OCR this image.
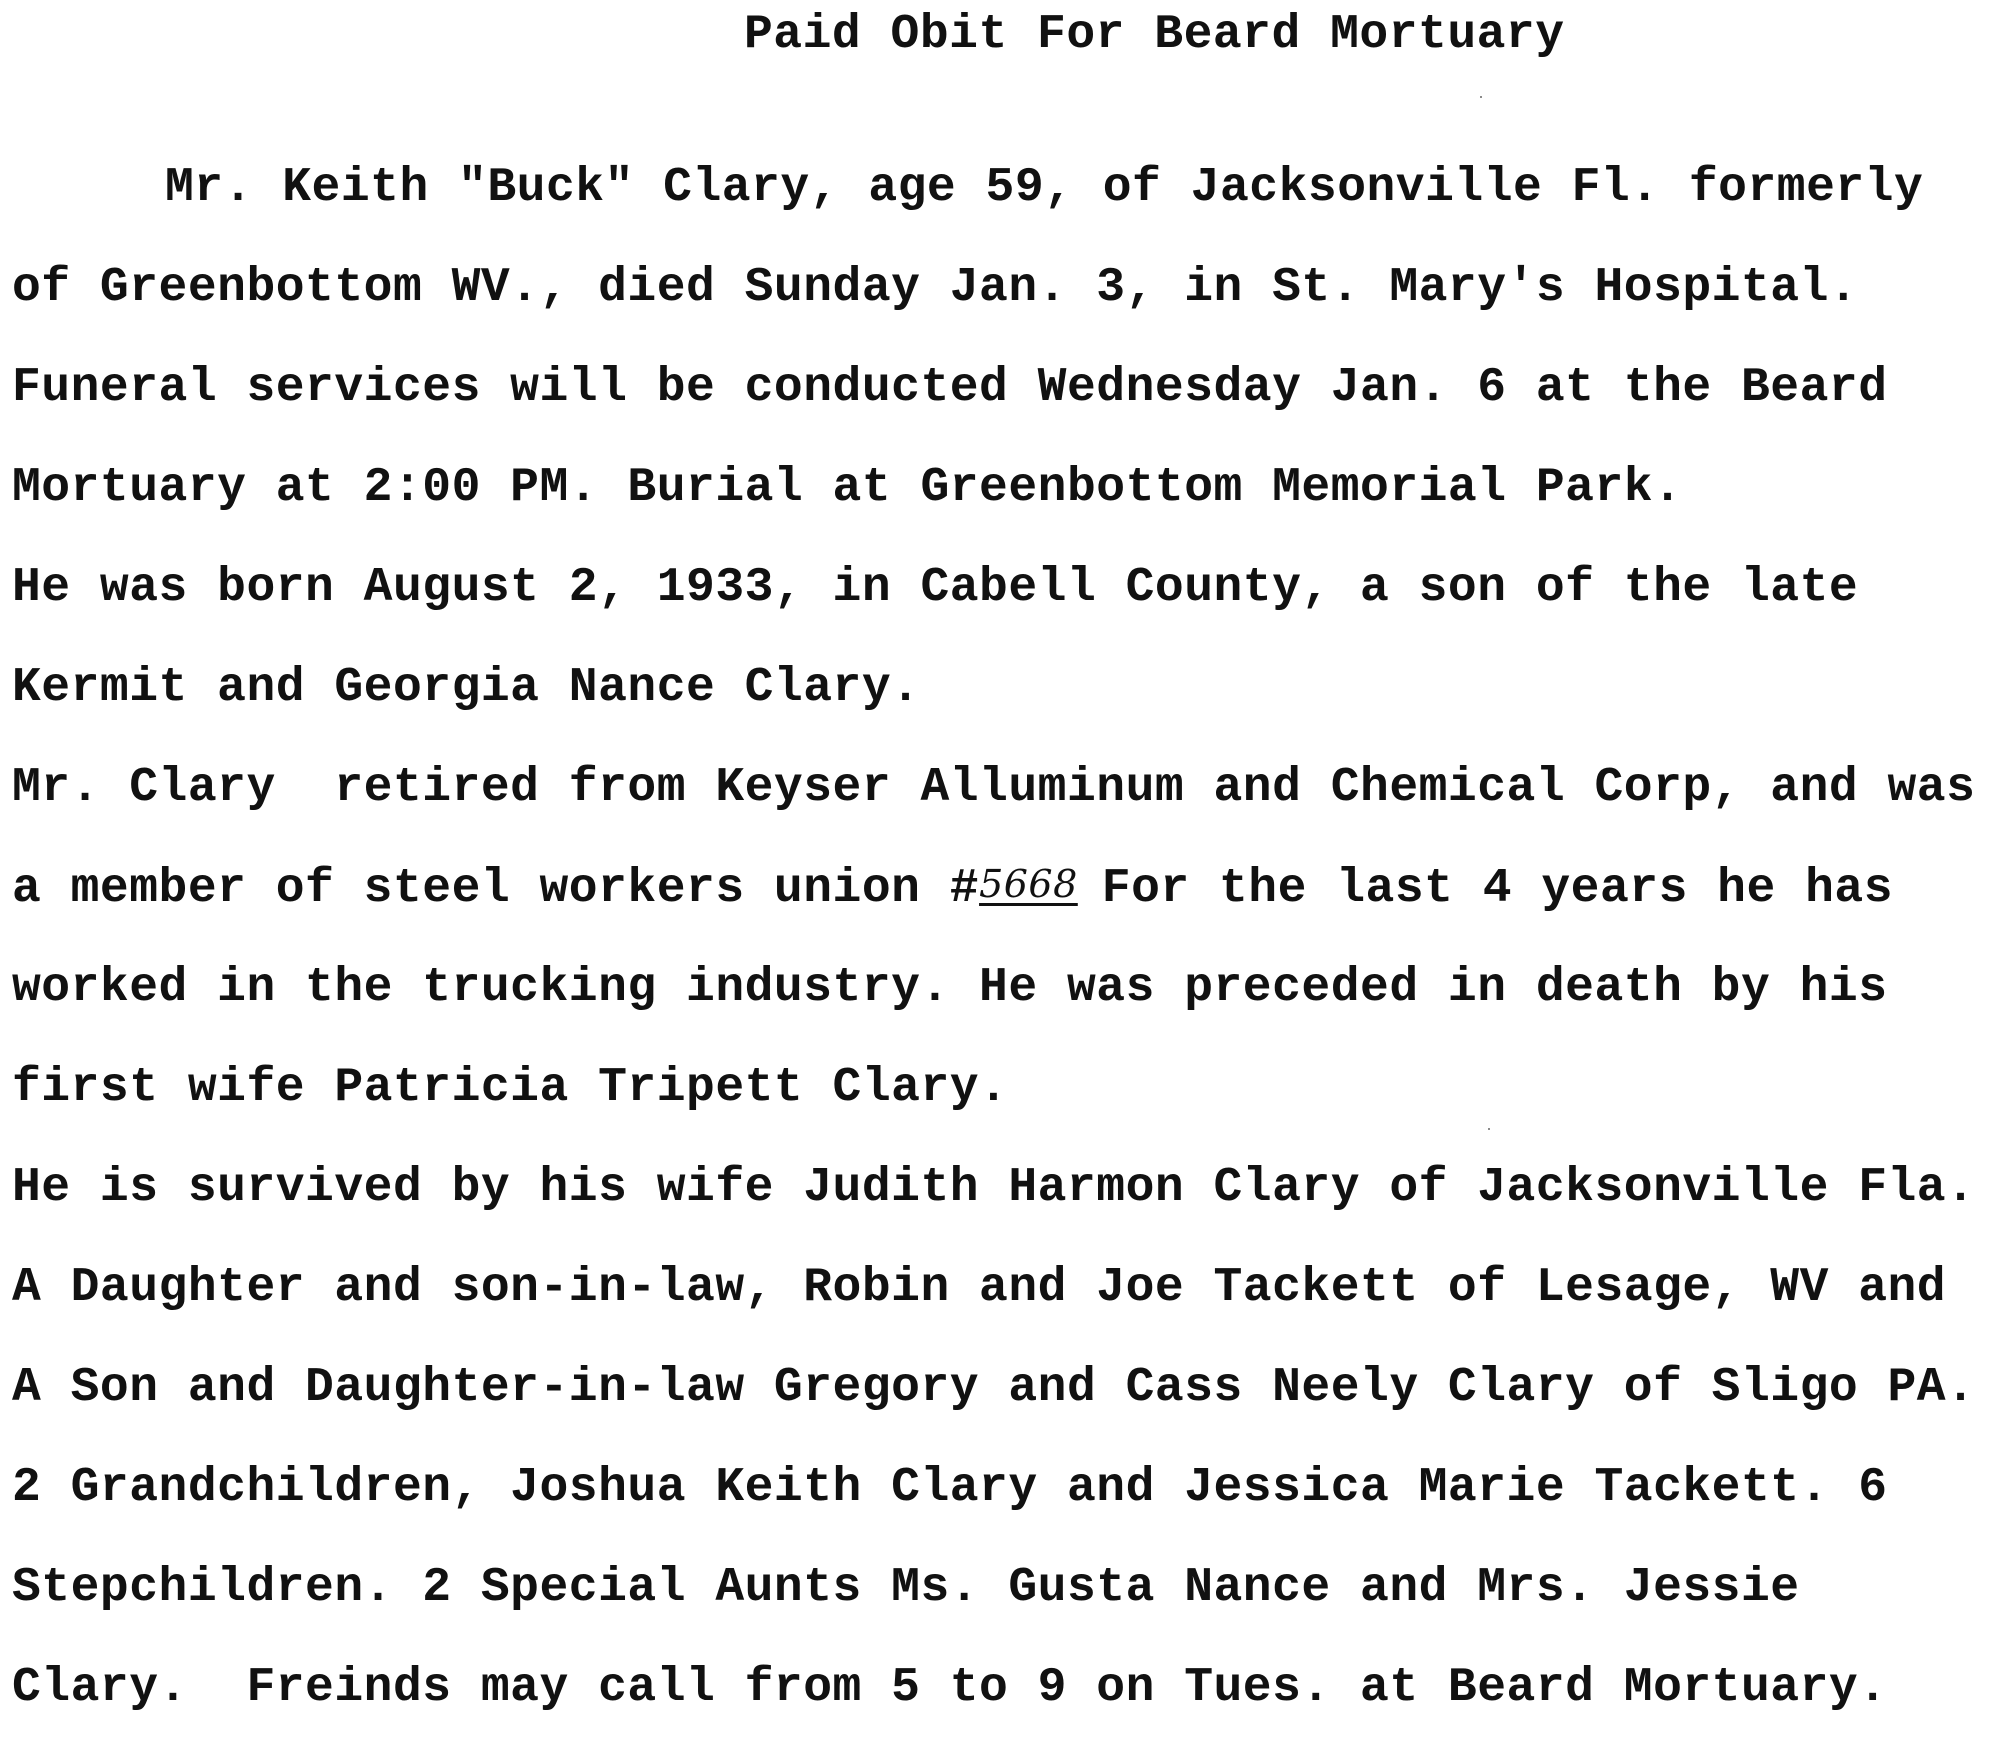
Paid Obit For Beard Mortuary
Mr. Keith "Buck" Clary, age 59, of Jacksonville Fl. formerly
of Greenbottom WV., died Sunday Jan. 3, in St. Mary's Hospital.
Funeral services will be conducted Wednesday Jan. 6 at the Beard
Mortuary at 2:00 PM. Burial at Greenbottom Memorial Park.
He was born August 2, 1933, in Cabell County, a son of the late
Kermit and Georgia Nance Clary.
Mr. Clary  retired from Keyser Alluminum and Chemical Corp, and was
a member of steel workers union #5668 For the last 4 years he has
worked in the trucking industry. He was preceded in death by his
first wife Patricia Tripett Clary.
He is survived by his wife Judith Harmon Clary of Jacksonville Fla.
A Daughter and son-in-law, Robin and Joe Tackett of Lesage, WV and
A Son and Daughter-in-law Gregory and Cass Neely Clary of Sligo PA.
2 Grandchildren, Joshua Keith Clary and Jessica Marie Tackett. 6
Stepchildren. 2 Special Aunts Ms. Gusta Nance and Mrs. Jessie
Clary.  Freinds may call from 5 to 9 on Tues. at Beard Mortuary.
